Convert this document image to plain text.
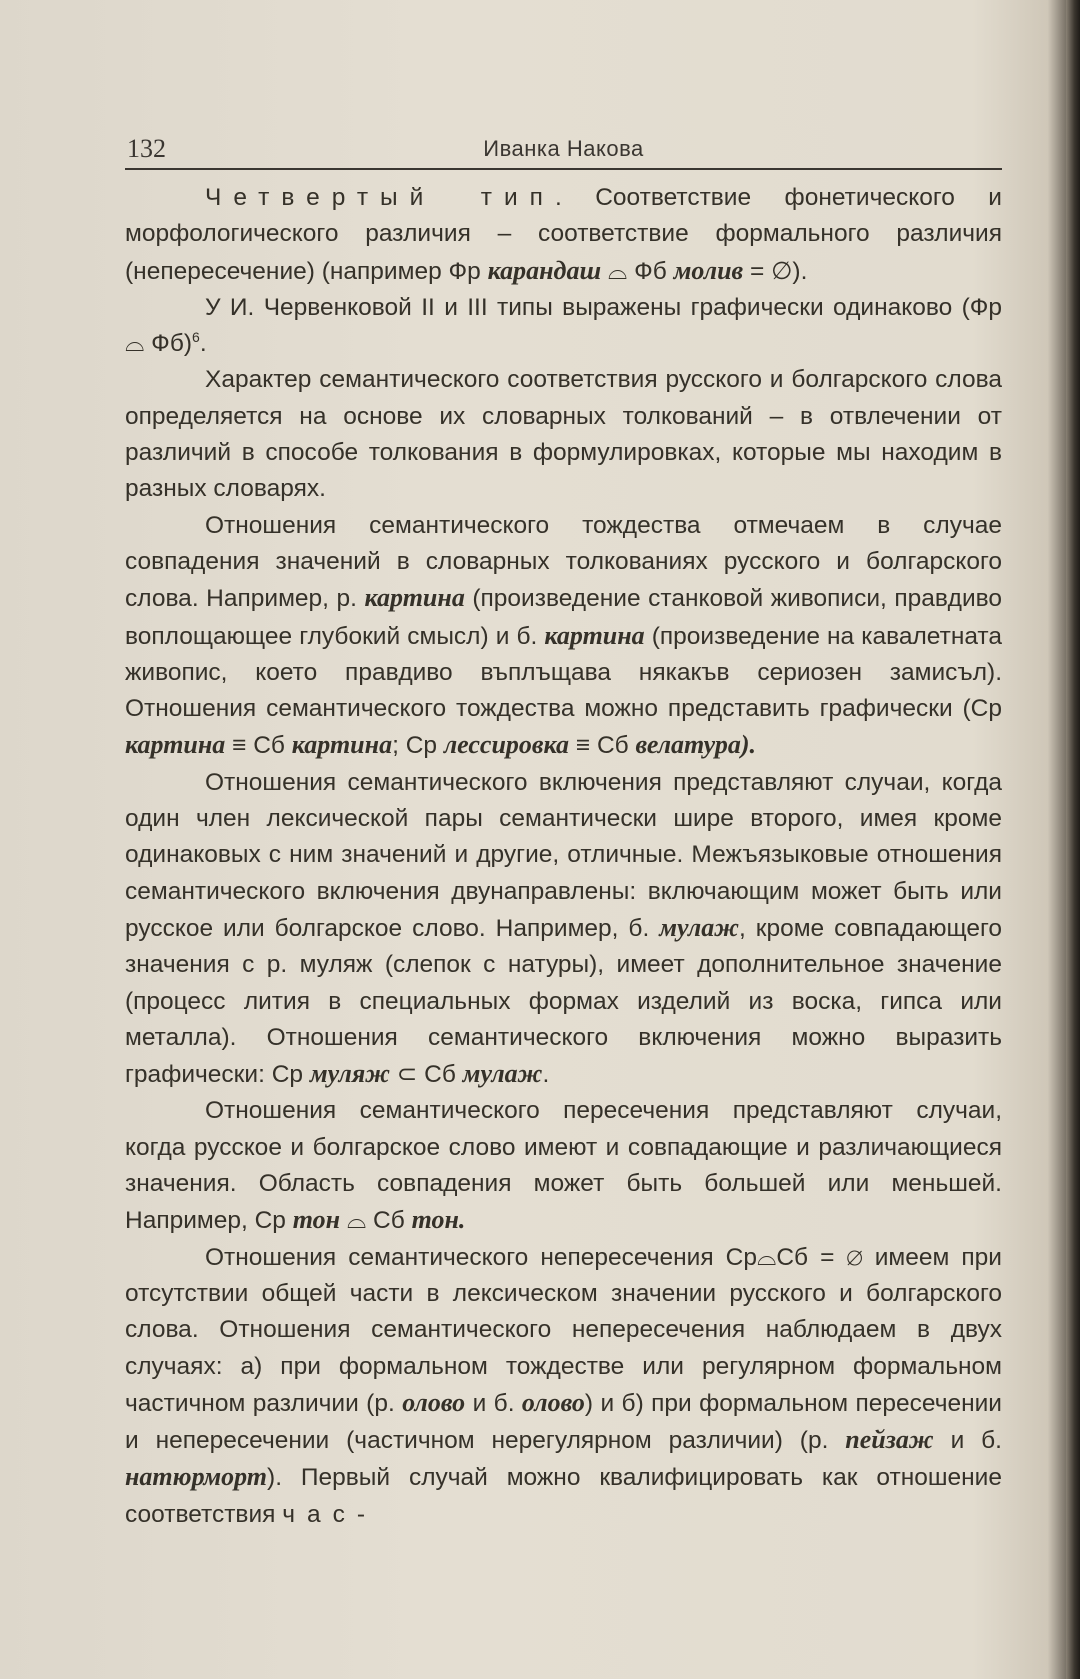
132	Иванка Накова

Четвертый тип. Соответствие фонетического и морфологического различия – соответствие формального различия (непересечение) (например Фр карандаш ⌓ Фб молив = ∅).

У И. Червенковой II и III типы выражены графически одинаково (Фр ⌓ Фб)$^6$.

Характер семантического соответствия русского и болгарского слова определяется на основе их словарных толкований – в отвлечении от различий в способе толкования в формулировках, которые мы находим в разных словарях.

Отношения семантического тождества отмечаем в случае совпадения значений в словарных толкованиях русского и болгарского слова. Например, р. картина (произведение станковой живописи, правдиво воплощающее глубокий смысл) и б. картина (произведение на кавалетната живопис, което правдиво въплъщава някакъв сериозен замисъл). Отношения семантического тождества можно представить графически (Ср картина ≡ Сб картина; Ср лессировка ≡ Сб велатура).

Отношения семантического включения представляют случаи, когда один член лексической пары семантически шире второго, имея кроме одинаковых с ним значений и другие, отличные. Межъязыковые отношения семантического включения двунаправлены: включающим может быть или русское или болгарское слово. Например, б. мулаж, кроме совпадающего значения с р. муляж (слепок с натуры), имеет дополнительное значение (процесс лития в специальных формах изделий из воска, гипса или металла). Отношения семантического включения можно выразить графически: Ср муляж ⊂ Сб мулаж.

Отношения семантического пересечения представляют случаи, когда русское и болгарское слово имеют и совпадающие и различающиеся значения. Область совпадения может быть большей или меньшей. Например, Ср тон ⌓ Сб тон.

Отношения семантического непересечения Ср⌓Сб = ∅ имеем при отсутствии общей части в лексическом значении русского и болгарского слова. Отношения семантического непересечения наблюдаем в двух случаях: а) при формальном тождестве или регулярном формальном частичном различии (р. олово и б. олово) и б) при формальном пересечении и непересечении (частичном нерегулярном различии) (р. пейзаж и б. натюрморт). Первый случай можно квалифицировать как отношение соответствия час-
